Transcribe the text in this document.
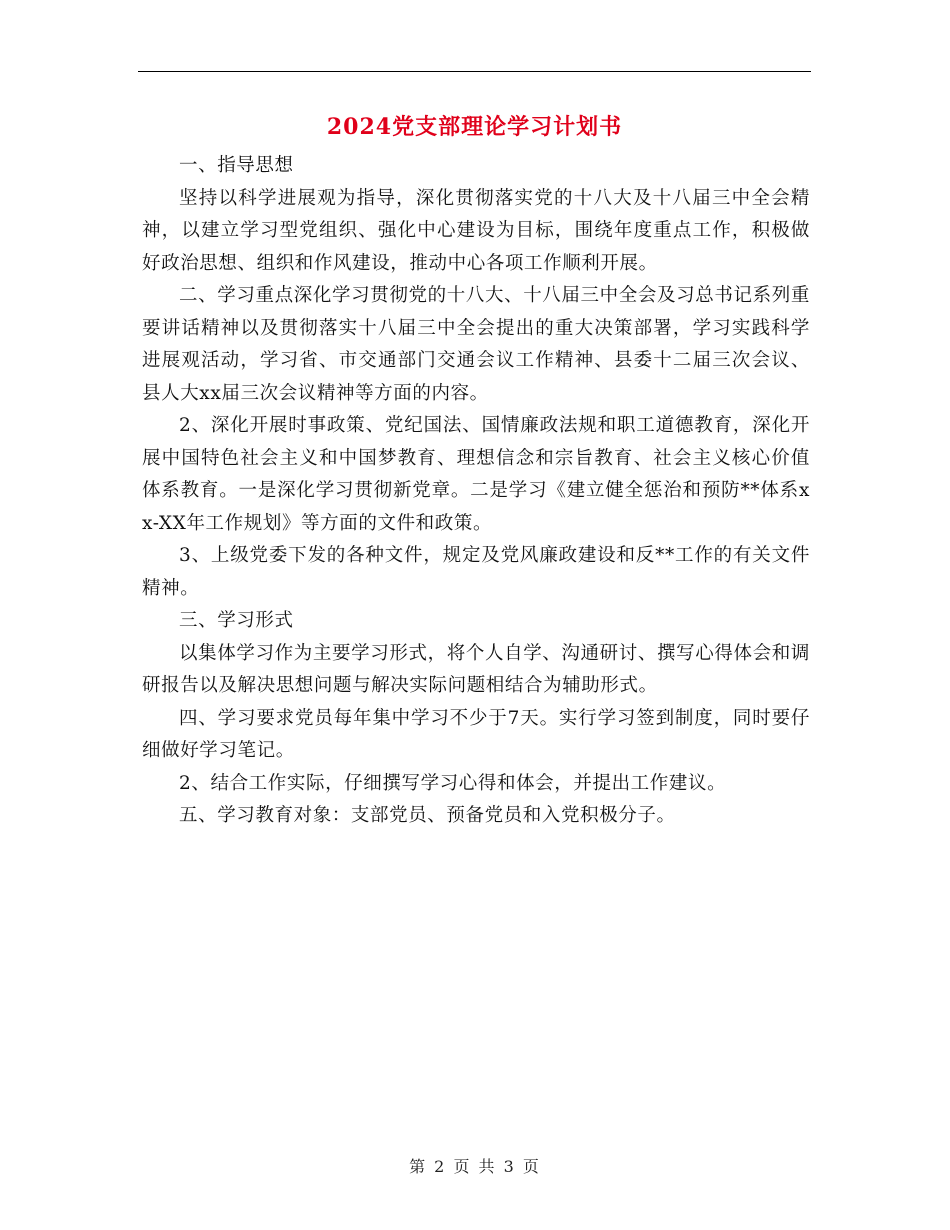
2024党支部理论学习计划书

一、指导思想

坚持以科学进展观为指导，深化贯彻落实党的十八大及十八届三中全会精神，以建立学习型党组织、强化中心建设为目标，围绕年度重点工作，积极做好政治思想、组织和作风建设，推动中心各项工作顺利开展。

二、学习重点深化学习贯彻党的十八大、十八届三中全会及习总书记系列重要讲话精神以及贯彻落实十八届三中全会提出的重大决策部署，学习实践科学进展观活动，学习省、市交通部门交通会议工作精神、县委十二届三次会议、县人大xx届三次会议精神等方面的内容。

2、深化开展时事政策、党纪国法、国情廉政法规和职工道德教育，深化开展中国特色社会主义和中国梦教育、理想信念和宗旨教育、社会主义核心价值体系教育。一是深化学习贯彻新党章。二是学习《建立健全惩治和预防**体系xx-XX年工作规划》等方面的文件和政策。

3、上级党委下发的各种文件，规定及党风廉政建设和反**工作的有关文件精神。

三、学习形式

以集体学习作为主要学习形式，将个人自学、沟通研讨、撰写心得体会和调研报告以及解决思想问题与解决实际问题相结合为辅助形式。

四、学习要求党员每年集中学习不少于7天。实行学习签到制度，同时要仔细做好学习笔记。

2、结合工作实际，仔细撰写学习心得和体会，并提出工作建议。

五、学习教育对象：支部党员、预备党员和入党积极分子。

第 2 页 共 3 页
